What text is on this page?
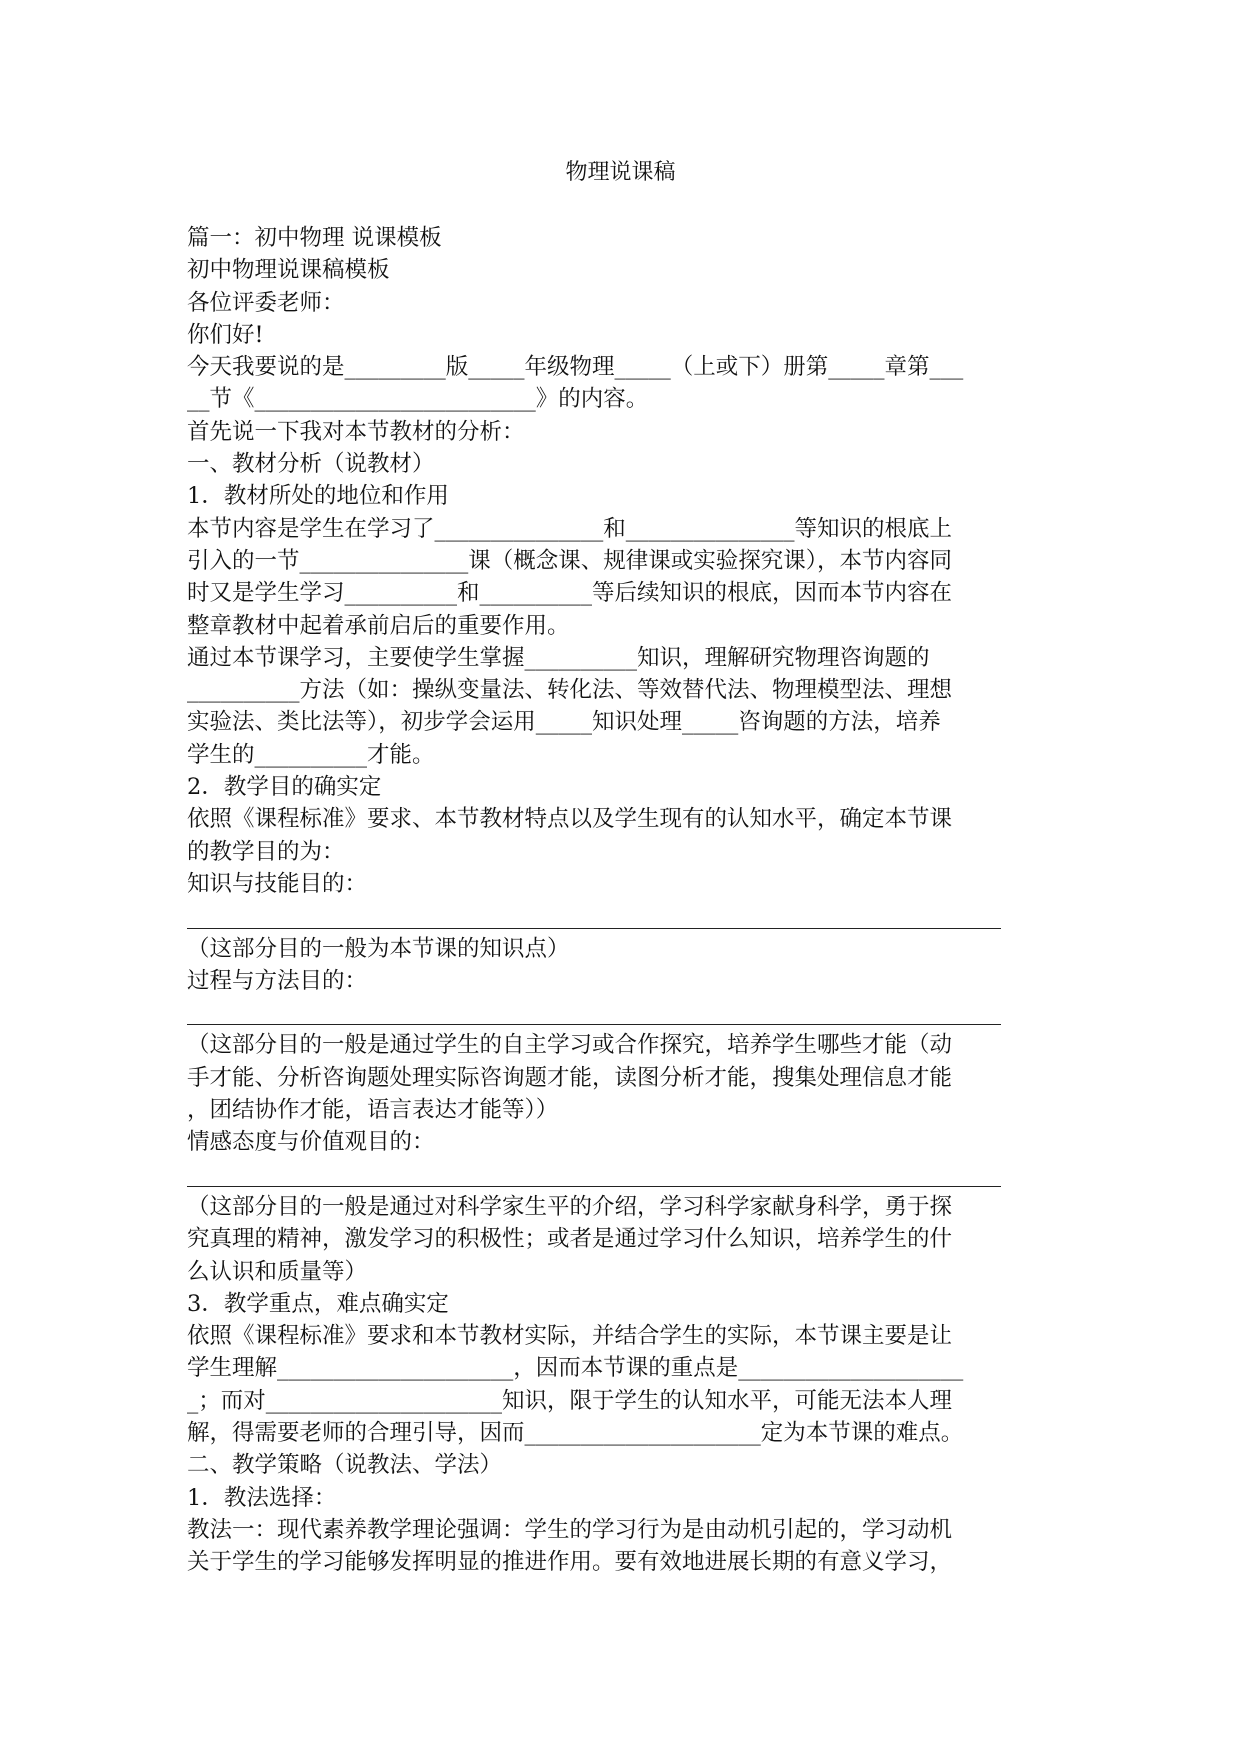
物理说课稿
篇一：初中物理 说课模板
初中物理说课稿模板
各位评委老师：
你们好!
今天我要说的是_________版_____年级物理_____（上或下）册第_____章第___
__节《_________________________》的内容。
首先说一下我对本节教材的分析：
一、教材分析（说教材）
1．教材所处的地位和作用
本节内容是学生在学习了_______________和_______________等知识的根底上
引入的一节_______________课（概念课、规律课或实验探究课），本节内容同
时又是学生学习__________和__________等后续知识的根底，因而本节内容在
整章教材中起着承前启后的重要作用。
通过本节课学习，主要使学生掌握__________知识，理解研究物理咨询题的
__________方法（如：操纵变量法、转化法、等效替代法、物理模型法、理想
实验法、类比法等），初步学会运用_____知识处理_____咨询题的方法，培养
学生的__________才能。
2．教学目的确实定
依照《课程标准》要求、本节教材特点以及学生现有的认知水平，确定本节课
的教学目的为：
知识与技能目的：
（这部分目的一般为本节课的知识点）
过程与方法目的：
（这部分目的一般是通过学生的自主学习或合作探究，培养学生哪些才能（动
手才能、分析咨询题处理实际咨询题才能，读图分析才能，搜集处理信息才能
，团结协作才能，语言表达才能等））
情感态度与价值观目的：
（这部分目的一般是通过对科学家生平的介绍，学习科学家献身科学，勇于探
究真理的精神，激发学习的积极性；或者是通过学习什么知识，培养学生的什
么认识和质量等）
3．教学重点，难点确实定
依照《课程标准》要求和本节教材实际，并结合学生的实际，本节课主要是让
学生理解_____________________，因而本节课的重点是____________________
_；而对_____________________知识，限于学生的认知水平，可能无法本人理
解，得需要老师的合理引导，因而_____________________定为本节课的难点。
二、教学策略（说教法、学法）
1．教法选择：
教法一：现代素养教学理论强调：学生的学习行为是由动机引起的，学习动机
关于学生的学习能够发挥明显的推进作用。要有效地进展长期的有意义学习，
